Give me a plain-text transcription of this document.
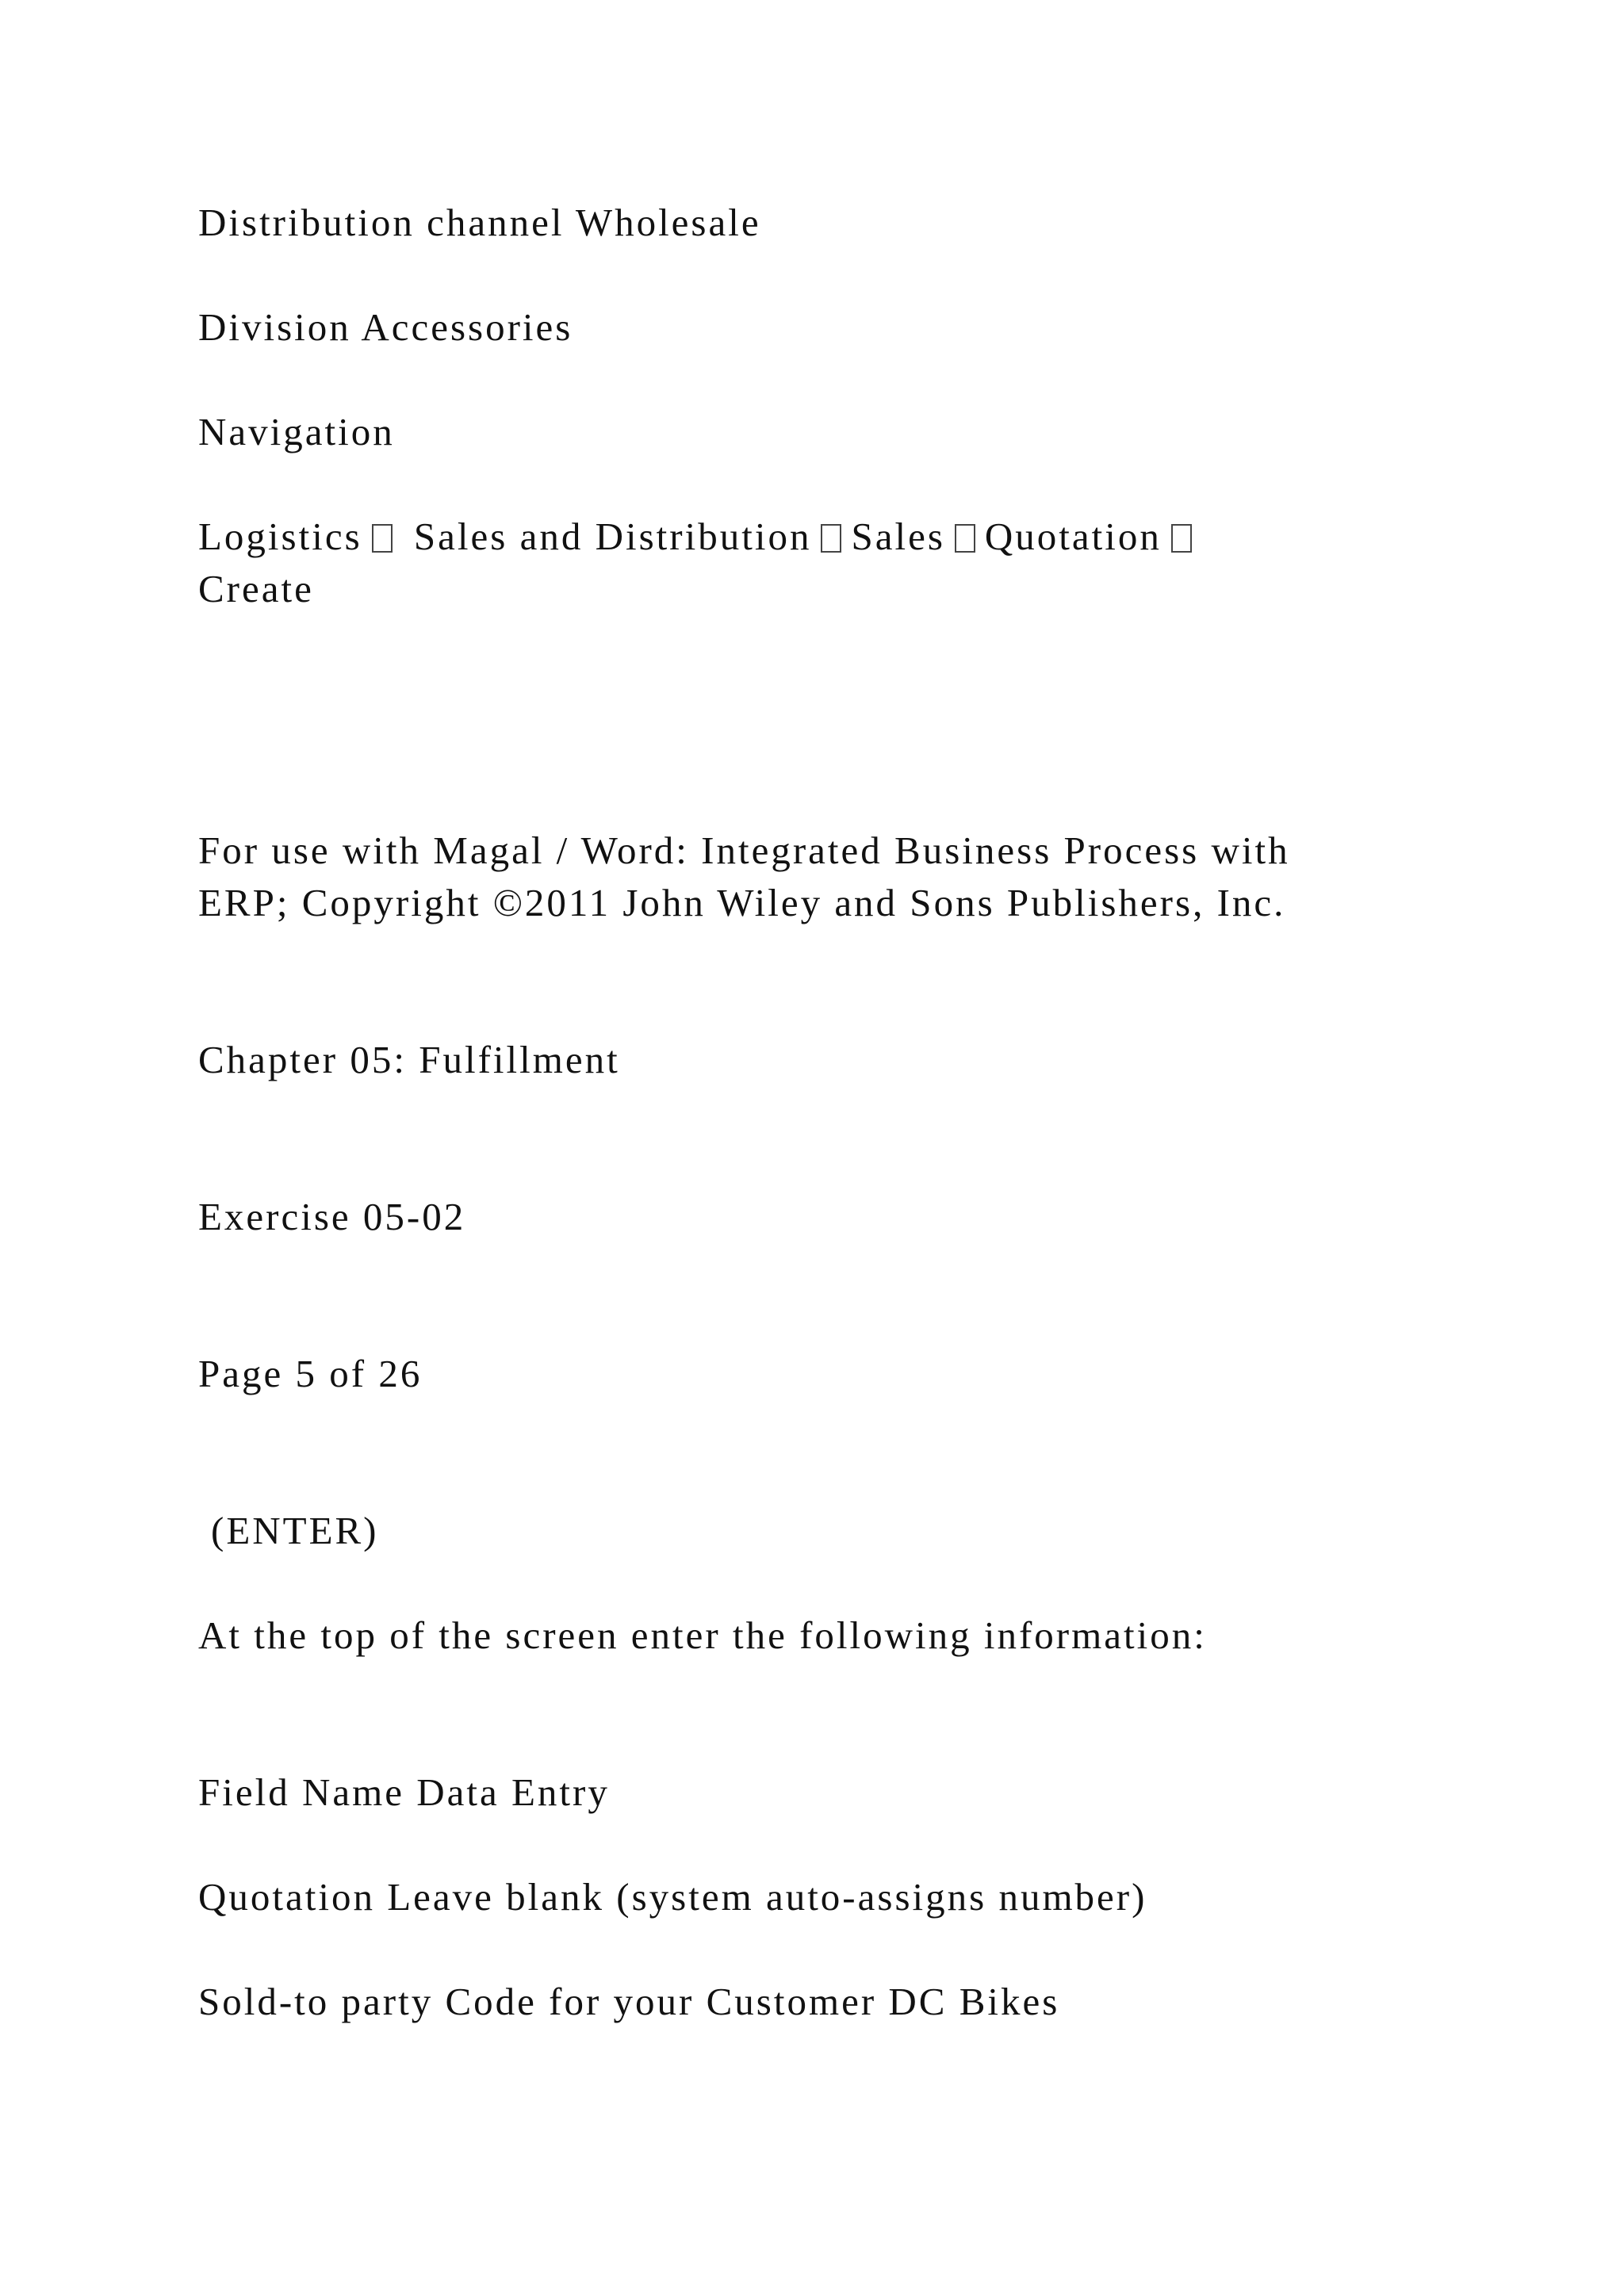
Distribution channel Wholesale
Division Accessories
Navigation
Logistics Sales and Distribution Sales Quotation
Create
For use with Magal / Word: Integrated Business Process with
ERP; Copyright ©2011 John Wiley and Sons Publishers, Inc.
Chapter 05: Fulfillment
Exercise 05-02
Page 5 of 26
(ENTER)
At the top of the screen enter the following information:
Field Name Data Entry
Quotation Leave blank (system auto-assigns number)
Sold-to party Code for your Customer DC Bikes
